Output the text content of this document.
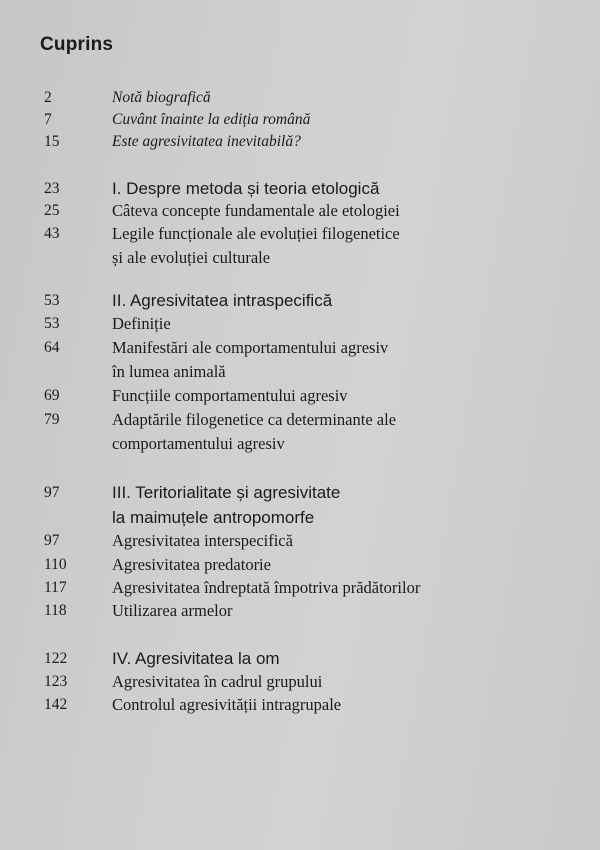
Cuprins
2	Notă biografică
7	Cuvânt înainte la ediția română
15	Este agresivitatea inevitabilă?
23	I. Despre metoda și teoria etologică
25	Câteva concepte fundamentale ale etologiei
43	Legile funcționale ale evoluției filogenetice
și ale evoluției culturale
53	II. Agresivitatea intraspecifică
53	Definiție
64	Manifestări ale comportamentului agresiv
în lumea animală
69	Funcțiile comportamentului agresiv
79	Adaptările filogenetice ca determinante ale
comportamentului agresiv
97	III. Teritorialitate și agresivitate
la maimuțele antropomorfe
97	Agresivitatea interspecifică
110	Agresivitatea predatorie
117	Agresivitatea îndreptată împotriva prădătorilor
118	Utilizarea armelor
122	IV. Agresivitatea la om
123	Agresivitatea în cadrul grupului
142	Controlul agresivității intragrupale
